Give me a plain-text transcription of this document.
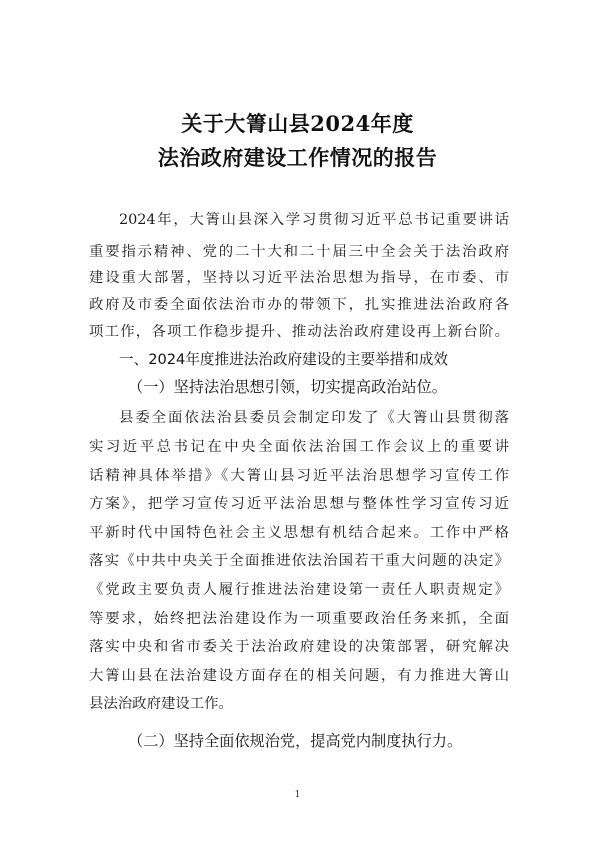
关于大箐山县2024年度
法治政府建设工作情况的报告
2024年，大箐山县深入学习贯彻习近平总书记重要讲话
重要指示精神、党的二十大和二十届三中全会关于法治政府
建设重大部署，坚持以习近平法治思想为指导，在市委、市
政府及市委全面依法治市办的带领下，扎实推进法治政府各
项工作，各项工作稳步提升、推动法治政府建设再上新台阶。
一、2024年度推进法治政府建设的主要举措和成效
（一）坚持法治思想引领，切实提高政治站位。
县委全面依法治县委员会制定印发了《大箐山县贯彻落
实习近平总书记在中央全面依法治国工作会议上的重要讲
话精神具体举措》《大箐山县习近平法治思想学习宣传工作
方案》，把学习宣传习近平法治思想与整体性学习宣传习近
平新时代中国特色社会主义思想有机结合起来。工作中严格
落实《中共中央关于全面推进依法治国若干重大问题的决定》
《党政主要负责人履行推进法治建设第一责任人职责规定》
等要求，始终把法治建设作为一项重要政治任务来抓，全面
落实中央和省市委关于法治政府建设的决策部署，研究解决
大箐山县在法治建设方面存在的相关问题，有力推进大箐山
县法治政府建设工作。
（二）坚持全面依规治党，提高党内制度执行力。
1
